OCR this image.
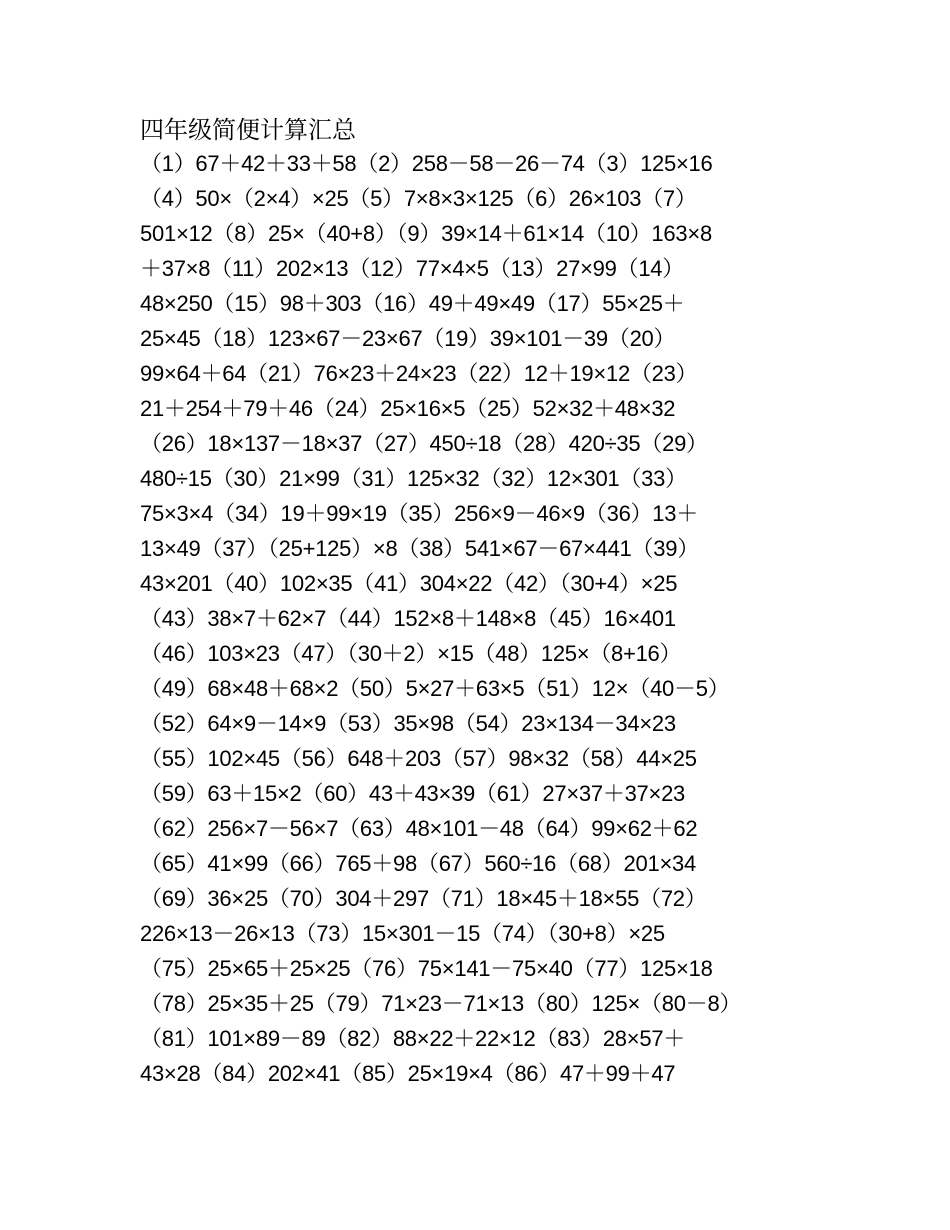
四年级简便计算汇总
（1）67＋42＋33＋58（2）258－58－26－74（3）125×16
（4）50×（2×4）×25（5）7×8×3×125（6）26×103（7）
501×12（8）25×（40+8）（9）39×14＋61×14（10）163×8
＋37×8（11）202×13（12）77×4×5（13）27×99（14）
48×250（15）98＋303（16）49＋49×49（17）55×25＋
25×45（18）123×67－23×67（19）39×101－39（20）
99×64＋64（21）76×23＋24×23（22）12＋19×12（23）
21＋254＋79＋46（24）25×16×5（25）52×32＋48×32
（26）18×137－18×37（27）450÷18（28）420÷35（29）
480÷15（30）21×99（31）125×32（32）12×301（33）
75×3×4（34）19＋99×19（35）256×9－46×9（36）13＋
13×49（37）（25+125）×8（38）541×67－67×441（39）
43×201（40）102×35（41）304×22（42）（30+4）×25
（43）38×7＋62×7（44）152×8＋148×8（45）16×401
（46）103×23（47）（30＋2）×15（48）125×（8+16）
（49）68×48＋68×2（50）5×27＋63×5（51）12×（40－5）
（52）64×9－14×9（53）35×98（54）23×134－34×23
（55）102×45（56）648＋203（57）98×32（58）44×25
（59）63＋15×2（60）43＋43×39（61）27×37＋37×23
（62）256×7－56×7（63）48×101－48（64）99×62＋62
（65）41×99（66）765＋98（67）560÷16（68）201×34
（69）36×25（70）304＋297（71）18×45＋18×55（72）
226×13－26×13（73）15×301－15（74）（30+8）×25
（75）25×65＋25×25（76）75×141－75×40（77）125×18
（78）25×35＋25（79）71×23－71×13（80）125×（80－8）
（81）101×89－89（82）88×22＋22×12（83）28×57＋
43×28（84）202×41（85）25×19×4（86）47＋99＋47
